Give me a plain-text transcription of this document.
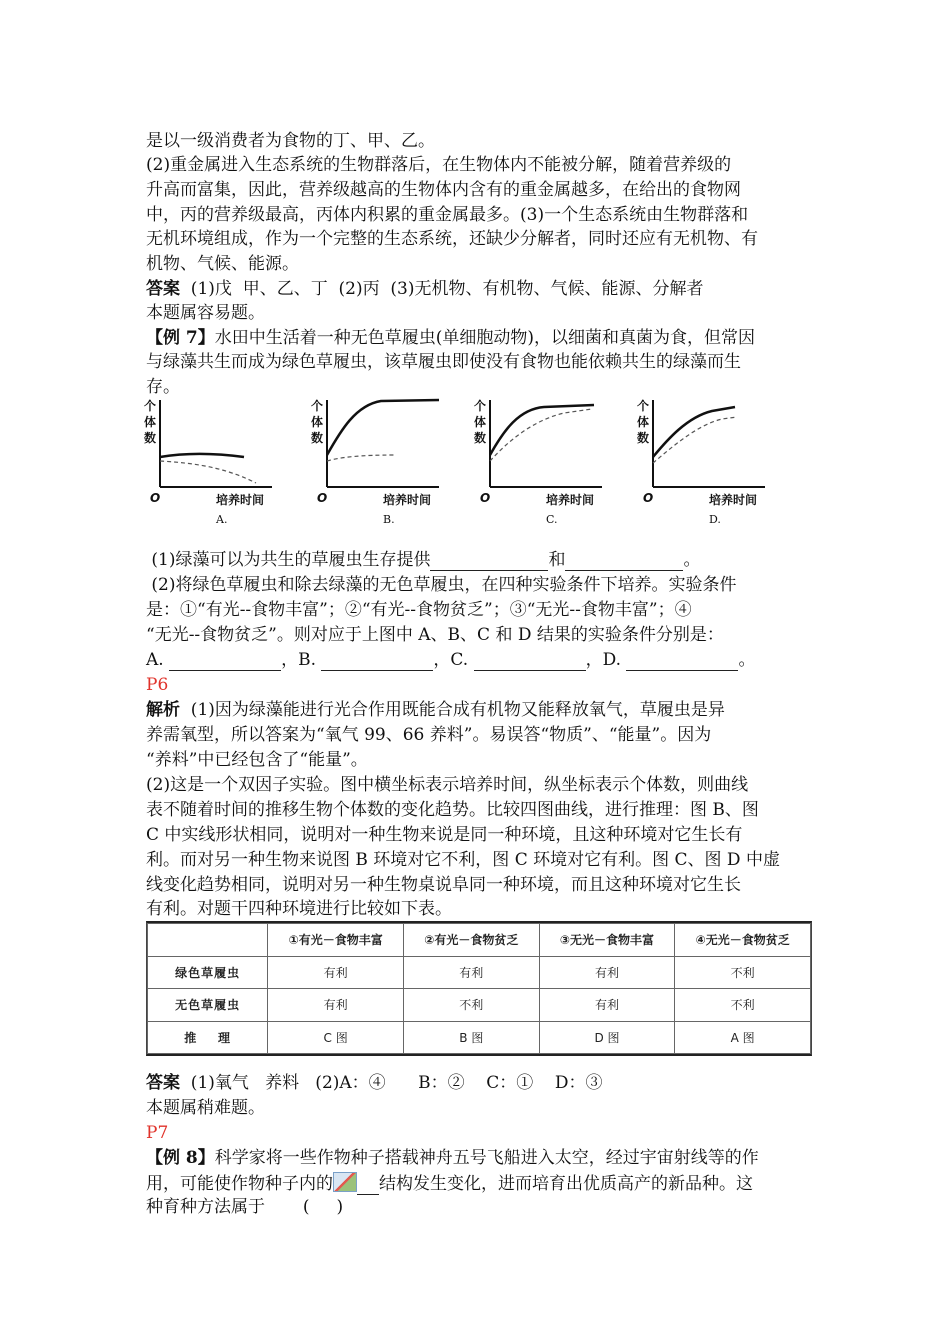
是以一级消费者为食物的丁、甲、乙。
(2)重金属进入生态系统的生物群落后，在生物体内不能被分解，随着营养级的
升高而富集，因此，营养级越高的生物体内含有的重金属越多，在给出的食物网
中，丙的营养级最高，丙体内积累的重金属最多。(3)一个生态系统由生物群落和
无机环境组成，作为一个完整的生态系统，还缺少分解者，同时还应有无机物、有
机物、气候、能源。
答案  (1)戊  甲、乙、丁  (2)丙  (3)无机物、有机物、气候、能源、分解者
本题属容易题。
【例 7】水田中生活着一种无色草履虫(单细胞动物)，以细菌和真菌为食，但常因
与绿藻共生而成为绿色草履虫，该草履虫即使没有食物也能依赖共生的绿藻而生
存。
个
体
数
O	培养时间
A.
个
体
数
O	培养时间
B.
个
体
数
O	培养时间
C.
个
体
数
O	培养时间
D.
(1)绿藻可以为共生的草履虫生存提供	和	。
(2)将绿色草履虫和除去绿藻的无色草履虫，在四种实验条件下培养。实验条件
是：①“有光--食物丰富”；②“有光--食物贫乏”；③“无光--食物丰富”；④
“无光--食物贫乏”。则对应于上图中 A、B、C 和 D 结果的实验条件分别是：
A.	，B.	，C.	，D.	。
P6
解析  (1)因为绿藻能进行光合作用既能合成有机物又能释放氧气，草履虫是异
养需氧型，所以答案为“氧气 99、66 养料”。易误答“物质”、“能量”。因为
“养料”中已经包含了“能量”。
(2)这是一个双因子实验。图中横坐标表示培养时间，纵坐标表示个体数，则曲线
表不随着时间的推移生物个体数的变化趋势。比较四图曲线，进行推理：图 B、图
C 中实线形状相同，说明对一种生物来说是同一种环境，且这种环境对它生长有
利。而对另一种生物来说图 B 环境对它不利，图 C 环境对它有利。图 C、图 D 中虚
线变化趋势相同，说明对另一种生物桌说阜同一种环境，而且这种环境对它生长
有利。对题干四种环境进行比较如下表。
	①有光－食物丰富	②有光－食物贫乏	③无光－食物丰富	④无光－食物贫乏
绿色草履虫	有利	有利	有利	不利
无色草履虫	有利	不利	有利	不利
推    理	C 图	B 图	D 图	A 图
答案  (1)氧气   养料   (2)A：④      B：②    C：①    D：③
本题属稍难题。
P7
【例 8】科学家将一些作物种子搭载神舟五号飞船进入太空，经过宇宙射线等的作
用，可能使作物种子内的	结构发生变化，进而培育出优质高产的新品种。这
种育种方法属于       (     )
